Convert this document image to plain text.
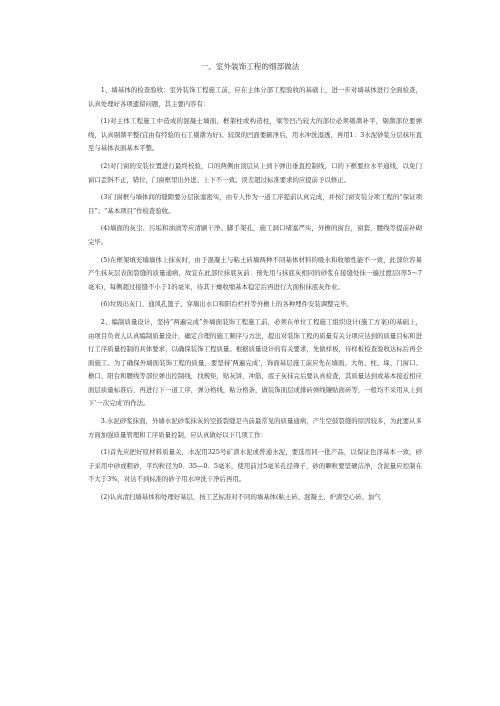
一、室外装饰工程的细部做法

1、墙基体的检查验收：室外装饰工程施工前，应在主体分部工程验收的基础上，进一步对墙基体进行全面检查，认真处理好各项遗留问题，其主要内容有：

(1)对主体工程施工中造成的混凝土墙面，框架柱或构造柱，梁等凹凸较大的部位必须剔凿补平，剔凿部位要弹线，认真剔凿平整(宜由有经验的石工剔凿为好)。较深的凹面要刷净后，用水冲洗湿透，再用1：3水泥砂浆分层抹压直至与基体表面基本平整。

(2)对门窗的安装位置进行最终校验，口的两侧由顶层从上到下弹出垂直控制线，口的下框要拉水平通线，以免门窗口歪斜不正，错位，门窗框里出外进、上下不一致。误差超过标准要求的应提前予以修正。

(3)门窗框与墙体间的缝隙要分层嵌塞密实，由专人作为一道工序提前认真完成，并按门窗安装分项工程的“保证项目”；“基本项目”作检查验收。

(4)墙面的灰尘、污垢和油渍等应清刷干净。脚手架孔，施工洞口堵塞严实，外檐的窗台，窗套，腰线等提前补砌完毕。

(5)在框架填充墙墙体上抹灰时，由于混凝土与粘土砖墙两种不同基体材料的吸水和收缩性能不一致，此部位容易产生抹灰层表面裂缝的质量通病，故宜在此部位抹底灰前：预先用与抹底灰相同的砂浆在接缝处抹一遍过渡层(厚5～7毫米)，每侧超过接缝不小于1的毫米，待其干燥收缩基本稳定后再进行大面积抹底灰作业。

(6)垃圾出灰门、通风孔篦子、穿墙出水口和阳台栏杆等外檐上的各种埋件安装调整完毕。

2、编制质量设计，坚持“两遍完成”外墙面装饰工程施工前，必须在单位工程施工组织设计(施工方案)的基础上，由项目负责人认真编制质量设计，确定合理的施工顺序与方法，提出对装饰工程的质量有关分项应达到的质量目标和进行工序质量控制的具体要求，以确保装饰工程质量。根据质量设计的有关要求，先做样板，待样板检查验收达标后再全面施工。为了确保外墙面装饰工程的质量，要坚持‘两遍完成’，饰面基层施工前应先在墙面、大角、柱、垛、门窗口、檐口、阳台和腰线等部位弹出控制线，找规矩，贴灰饼，冲筋，底子灰抹完后要认真检查，其质量达到或基本接近相应面层质量标准后，再进行下一道工序，弹分格线，粘分格条，做装饰面层或排砖弹线镶贴面砖等，一般均不采用从上到下‘一次完成’的作法。

3.水泥砂浆抹面，外墙水泥砂浆抹灰的空鼓裂缝是当前最常见的质量通病，产生空鼓裂缝的原因较多，为此要从多方面加强质量管理和工序质量控制，应认真做好以下几项工作：

(1)首先应把好原材料质量关，水泥用325号矿渣水泥或普通水泥，要选用同一批产品，以保证色泽基本一致，砂子采用中砂或粗砂，平均粒径为0．35—0．5毫米，使用前过5毫米孔径筛子，砂的颗粒要坚硬洁净，含泥量应控制在不大于3%，对达不到标准的砂子用水冲洗干净后再用。

(2)认真清扫墙基体和处理好基层，按工艺标准对不同的墙基体(粘土砖、混凝土、炉渣空心砖、加气
